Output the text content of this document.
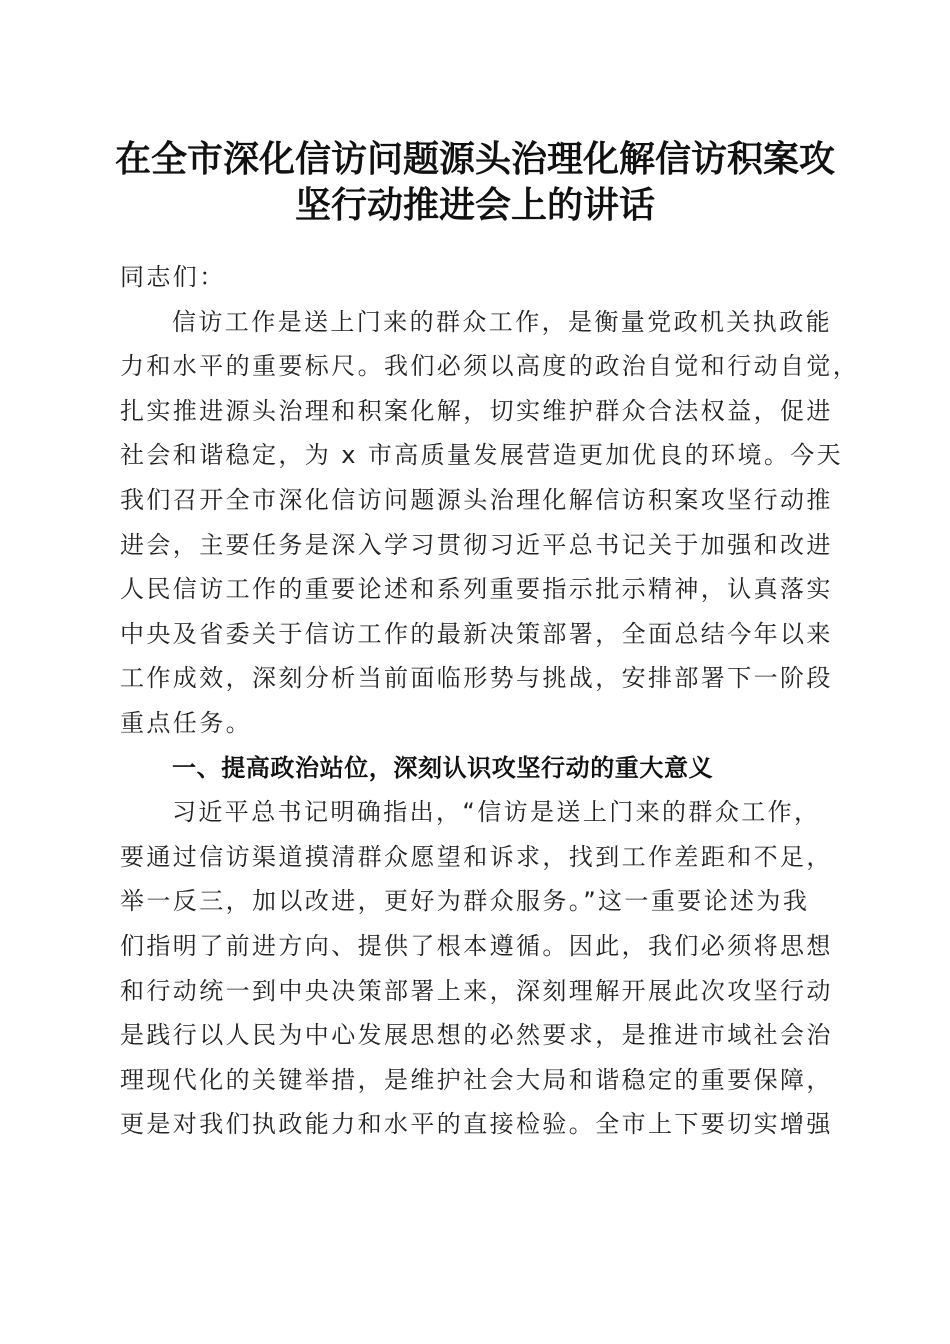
在全市深化信访问题源头治理化解信访积案攻
坚行动推进会上的讲话
同志们：
信访工作是送上门来的群众工作，是衡量党政机关执政能
力和水平的重要标尺。我们必须以高度的政治自觉和行动自觉，
扎实推进源头治理和积案化解，切实维护群众合法权益，促进
社会和谐稳定，为 x 市高质量发展营造更加优良的环境。今天
我们召开全市深化信访问题源头治理化解信访积案攻坚行动推
进会，主要任务是深入学习贯彻习近平总书记关于加强和改进
人民信访工作的重要论述和系列重要指示批示精神，认真落实
中央及省委关于信访工作的最新决策部署，全面总结今年以来
工作成效，深刻分析当前面临形势与挑战，安排部署下一阶段
重点任务。
一、提高政治站位，深刻认识攻坚行动的重大意义
习近平总书记明确指出，“信访是送上门来的群众工作，
要通过信访渠道摸清群众愿望和诉求，找到工作差距和不足，
举一反三，加以改进，更好为群众服务。”这一重要论述为我
们指明了前进方向、提供了根本遵循。因此，我们必须将思想
和行动统一到中央决策部署上来，深刻理解开展此次攻坚行动
是践行以人民为中心发展思想的必然要求，是推进市域社会治
理现代化的关键举措，是维护社会大局和谐稳定的重要保障，
更是对我们执政能力和水平的直接检验。全市上下要切实增强
